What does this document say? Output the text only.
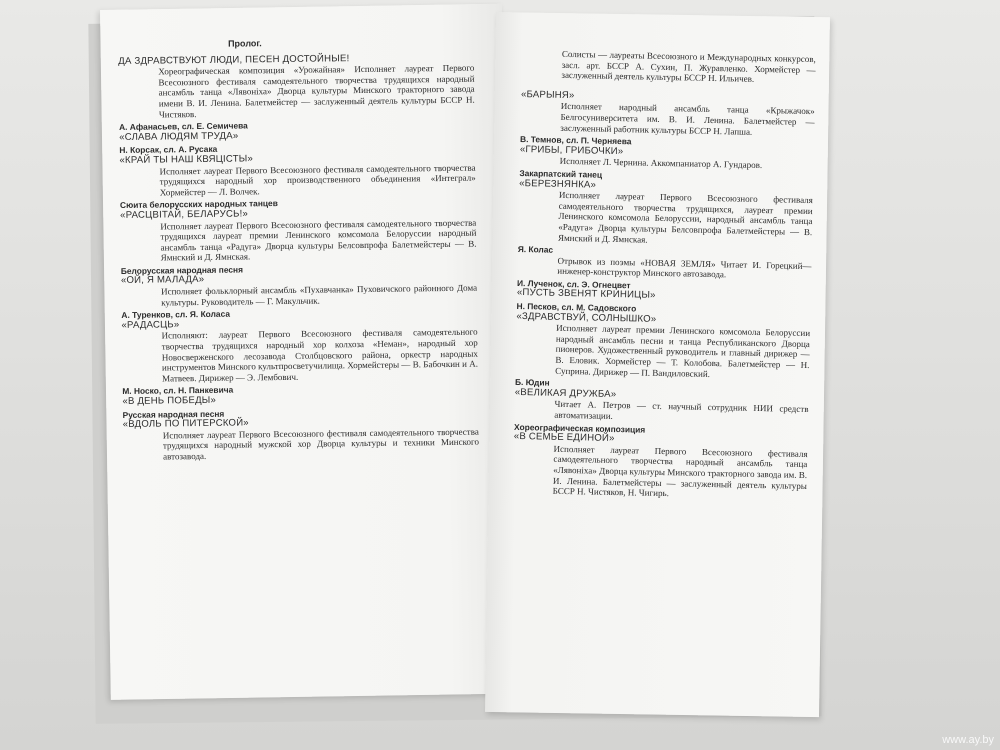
Пролог.
ДА ЗДРАВСТВУЮТ ЛЮДИ, ПЕСЕН ДОСТОЙНЫЕ!
Хореографическая композиция «Урожайная» Исполняет лауреат Первого Всесоюзного фестиваля самодеятельного творчества трудящихся народный ансамбль танца «Лявоніха» Дворца культуры Минского тракторного завода имени В. И. Ленина. Балетмейстер — заслуженный деятель культуры БССР Н. Чистяков.
А. Афанасьев, сл. Е. Семичева
«СЛАВА ЛЮДЯМ ТРУДА»
Н. Корсак, сл. А. Русака
«КРАЙ ТЫ НАШ КВЯЦІСТЫ»
Исполняет лауреат Первого Всесоюзного фестиваля самодеятельного творчества трудящихся народный хор производственного объединения «Интеграл» Хормейстер — Л. Волчек.
Сюита белорусских народных танцев
«РАСЦВІТАЙ, БЕЛАРУСЬ!»
Исполняет лауреат Первого Всесоюзного фестиваля самодеятельного творчества трудящихся лауреат премии Ленинского комсомола Белоруссии народный ансамбль танца «Радуга» Дворца культуры Белсовпрофа Балетмейстеры — В. Ямнский и Д. Ямнская.
Белорусская народная песня
«ОЙ, Я МАЛАДА»
Исполняет фольклорный ансамбль «Пухавчанка» Пуховичского районного Дома культуры. Руководитель — Г. Макульчик.
А. Туренков, сл. Я. Коласа
«РАДАСЦЬ»
Исполняют: лауреат Первого Всесоюзного фестиваля самодеятельного творчества трудящихся народный хор колхоза «Неман», народный хор Новосверженского лесозавода Столбцовского района, оркестр народных инструментов Минского культпросветучилища. Хормейстеры — В. Бабочкин и А. Матвеев. Дирижер — Э. Лембович.
М. Носко, сл. Н. Панкевича
«В ДЕНЬ ПОБЕДЫ»
Русская народная песня
«ВДОЛЬ ПО ПИТЕРСКОЙ»
Исполняет лауреат Первого Всесоюзного фестиваля самодеятельного творчества трудящихся народный мужской хор Дворца культуры и техники Минского автозавода.
Солисты — лауреаты Всесоюзного и Международных конкурсов, засл. арт. БССР А. Сухин, П. Журавленко. Хормейстер — заслуженный деятель культуры БССР Н. Ильичев.
«БАРЫНЯ»
Исполняет народный ансамбль танца «Крыжачок» Белгосуниверситета им. В. И. Ленина. Балетмейстер — заслуженный работник культуры БССР Н. Лапша.
В. Темнов, сл. П. Черняева
«ГРИБЫ, ГРИБОЧКИ»
Исполняет Л. Чернина. Аккомпаниатор А. Гундаров.
Закарпатский танец
«БЕРЕЗНЯНКА»
Исполняет лауреат Первого Всесоюзного фестиваля самодеятельного творчества трудящихся, лауреат премии Ленинского комсомола Белоруссии, народный ансамбль танца «Радуга» Дворца культуры Белсовпрофа Балетмейстеры — В. Ямнский и Д. Ямнская.
Я. Колас
Отрывок из поэмы «НОВАЯ ЗЕМЛЯ» Читает И. Горецкий—инженер-конструктор Минского автозавода.
И. Лученок, сл. Э. Огнецвет
«ПУСТЬ ЗВЕНЯТ КРИНИЦЫ»
Н. Песков, сл. М. Садовского
«ЗДРАВСТВУЙ, СОЛНЫШКО»
Исполняет лауреат премии Ленинского комсомола Белоруссии народный ансамбль песни и танца Республиканского Дворца пионеров. Художественный руководитель и главный дирижер — В. Еловик. Хормейстер — Т. Колобова. Балетмейстер — Н. Суприна. Дирижер — П. Вандиловский.
Б. Юдин
«ВЕЛИКАЯ ДРУЖБА»
Читает А. Петров — ст. научный сотрудник НИИ средств автоматизации.
Хореографическая композиция
«В СЕМЬЕ ЕДИНОЙ»
Исполняет лауреат Первого Всесоюзного фестиваля самодеятельного творчества народный ансамбль танца «Лявоніха» Дворца культуры Минского тракторного завода им. В. И. Ленина. Балетмейстеры — заслуженный деятель культуры БССР Н. Чистяков, Н. Чигирь.
www.ay.by
